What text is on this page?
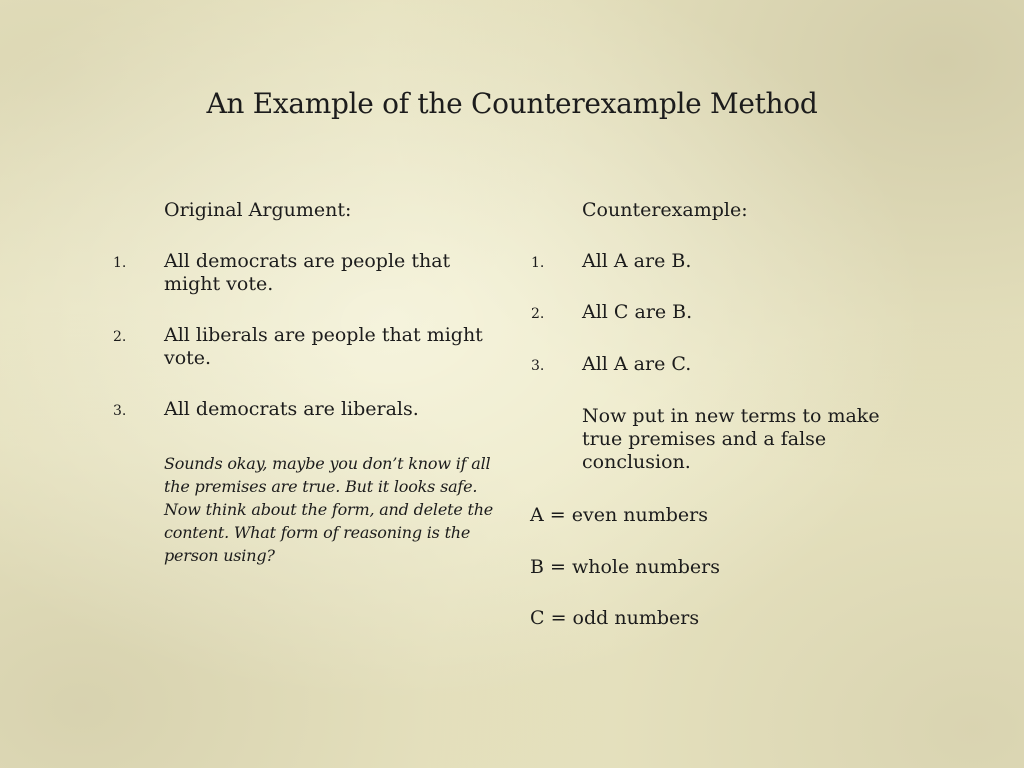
An Example of the Counterexample Method
Original Argument:
1. All democrats are people that might vote.
2. All liberals are people that might vote.
3. All democrats are liberals.
Sounds okay, maybe you don’t know if all the premises are true. But it looks safe. Now think about the form, and delete the content. What form of reasoning is the person using?
Counterexample:
1. All A are B.
2. All C are B.
3. All A are C.
Now put in new terms to make true premises and a false conclusion.
A = even numbers
B = whole numbers
C = odd numbers
